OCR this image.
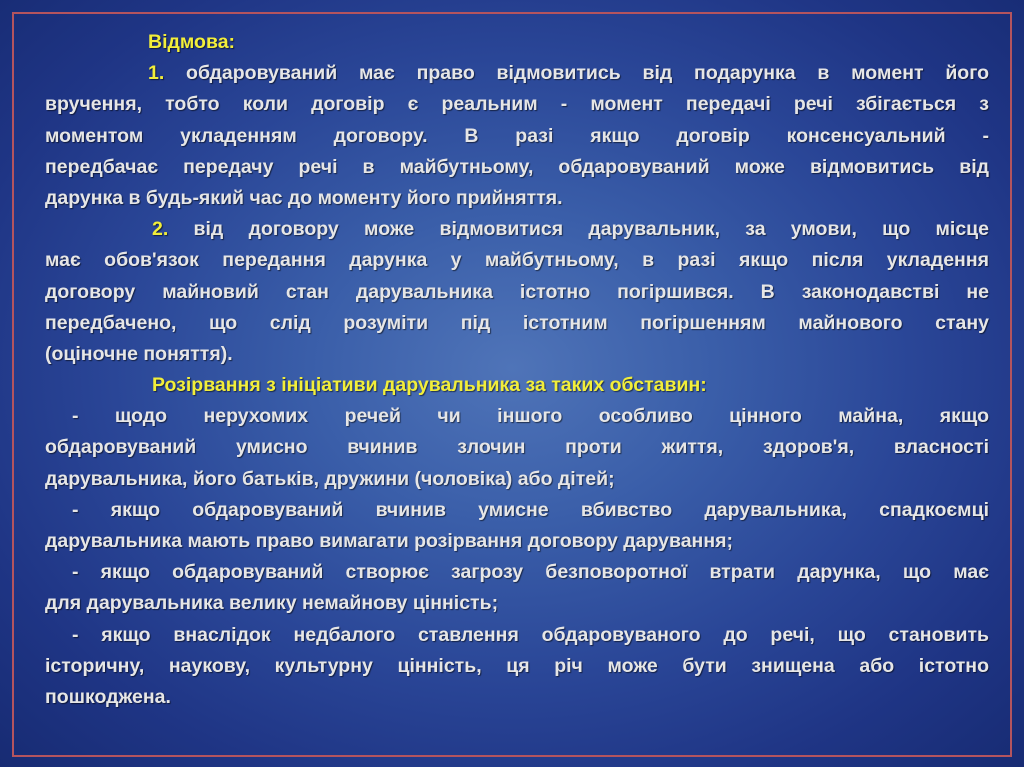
Відмова:
1. обдаровуваний має право відмовитись від подарунка в момент його
вручення, тобто коли договір є реальним - момент передачі речі збігається з
моментом укладенням договору. В разі якщо договір консенсуальний -
передбачає передачу речі в майбутньому, обдаровуваний може відмовитись від
дарунка в будь-який час до моменту його прийняття.
2. від договору може відмовитися дарувальник, за умови, що місце
має обов'язок передання дарунка у майбутньому, в разі якщо після укладення
договору майновий стан дарувальника істотно погіршився. В законодавстві не
передбачено, що слід розуміти під істотним погіршенням майнового стану
(оціночне поняття).
Розірвання з ініціативи дарувальника за таких обставин:
- щодо нерухомих речей чи іншого особливо цінного майна, якщо
обдаровуваний умисно вчинив злочин проти життя, здоров'я, власності
дарувальника, його батьків, дружини (чоловіка) або дітей;
- якщо обдаровуваний вчинив умисне вбивство дарувальника, спадкоємці
дарувальника мають право вимагати розірвання договору дарування;
- якщо обдаровуваний створює загрозу безповоротної втрати дарунка, що має
для дарувальника велику немайнову цінність;
- якщо внаслідок недбалого ставлення обдаровуваного до речі, що становить
історичну, наукову, культурну цінність, ця річ може бути знищена або істотно
пошкоджена.
